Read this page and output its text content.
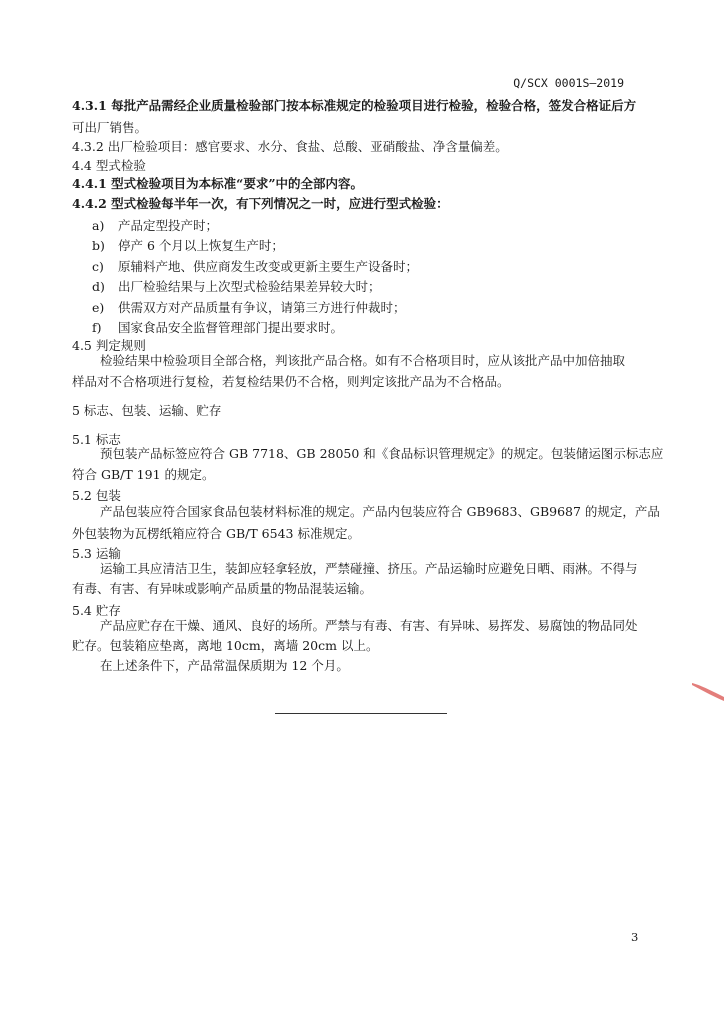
Q/SCX 0001S—2019
4.3.1 每批产品需经企业质量检验部门按本标准规定的检验项目进行检验，检验合格，签发合格证后方
可出厂销售。
4.3.2 出厂检验项目：感官要求、水分、食盐、总酸、亚硝酸盐、净含量偏差。
4.4 型式检验
4.4.1 型式检验项目为本标准“要求”中的全部内容。
4.4.2 型式检验每半年一次，有下列情况之一时，应进行型式检验：
a) 产品定型投产时；
b) 停产 6 个月以上恢复生产时；
c) 原辅料产地、供应商发生改变或更新主要生产设备时；
d) 出厂检验结果与上次型式检验结果差异较大时；
e) 供需双方对产品质量有争议，请第三方进行仲裁时；
f) 国家食品安全监督管理部门提出要求时。
4.5 判定规则
检验结果中检验项目全部合格，判该批产品合格。如有不合格项目时，应从该批产品中加倍抽取
样品对不合格项进行复检，若复检结果仍不合格，则判定该批产品为不合格品。
5 标志、包装、运输、贮存
5.1 标志
预包装产品标签应符合 GB 7718、GB 28050 和《食品标识管理规定》的规定。包装储运图示标志应
符合 GB/T 191 的规定。
5.2 包装
产品包装应符合国家食品包装材料标准的规定。产品内包装应符合 GB9683、GB9687 的规定，产品
外包装物为瓦楞纸箱应符合 GB/T 6543 标准规定。
5.3 运输
运输工具应清洁卫生，装卸应轻拿轻放，严禁碰撞、挤压。产品运输时应避免日晒、雨淋。不得与
有毒、有害、有异味或影响产品质量的物品混装运输。
5.4 贮存
产品应贮存在干燥、通风、良好的场所。严禁与有毒、有害、有异味、易挥发、易腐蚀的物品同处
贮存。包装箱应垫离，离地 10cm，离墙 20cm 以上。
在上述条件下，产品常温保质期为 12 个月。
3
